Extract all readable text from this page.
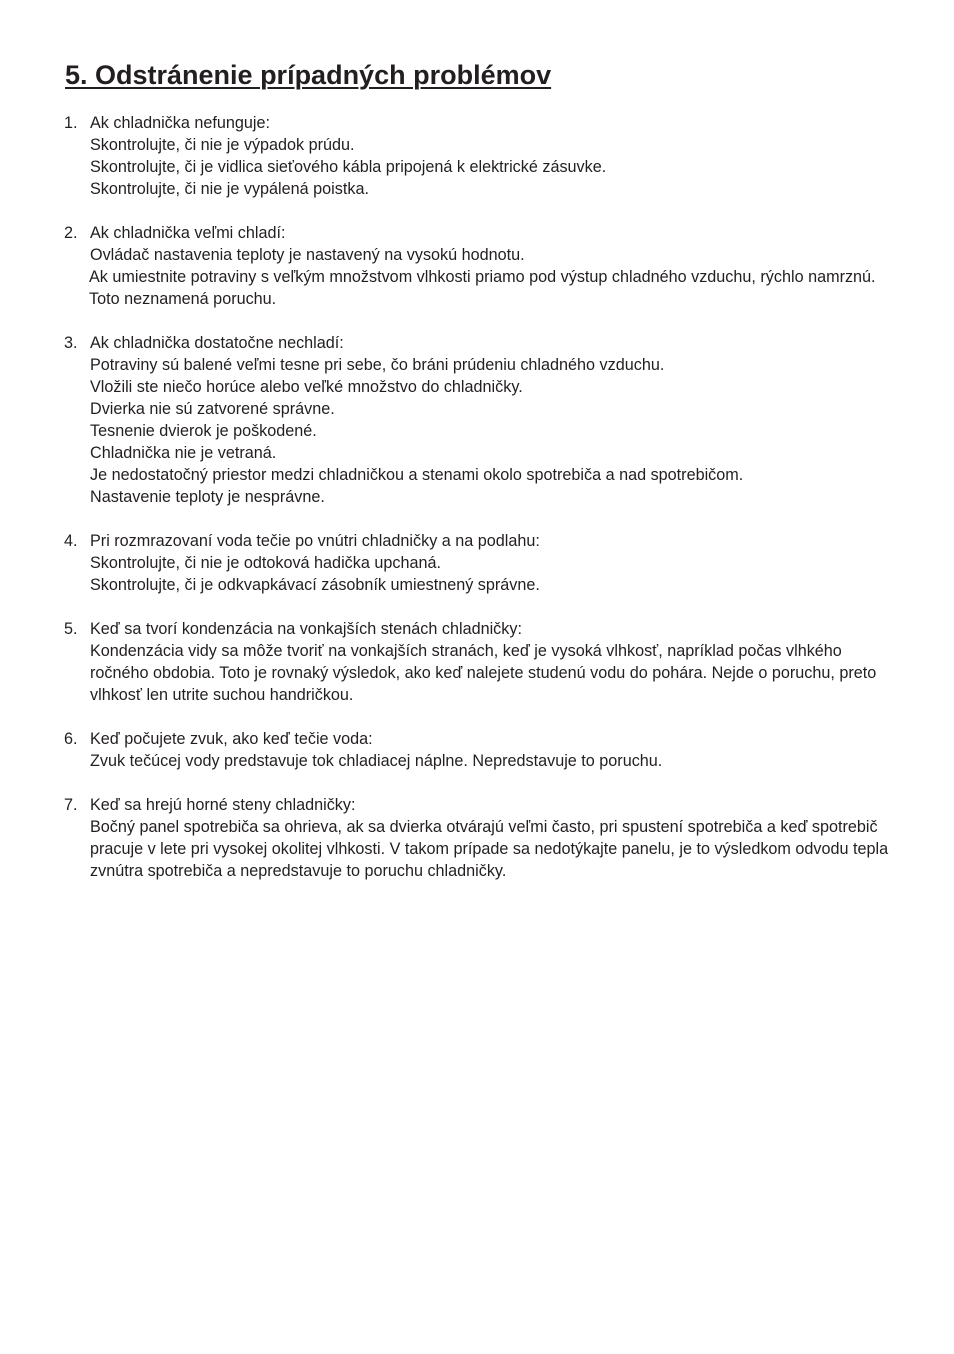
5. Odstránenie prípadných problémov
1. Ak chladnička nefunguje:
Skontrolujte, či nie je výpadok prúdu.
Skontrolujte, či je vidlica sieťového kábla pripojená k elektrické zásuvke.
Skontrolujte, či nie je vypálená poistka.
2. Ak chladnička veľmi chladí:
Ovládač nastavenia teploty je nastavený na vysokú hodnotu.
Ak umiestnite potraviny s veľkým množstvom vlhkosti priamo pod výstup chladného vzduchu, rýchlo namrznú. Toto neznamená poruchu.
3. Ak chladnička dostatočne nechladí:
Potraviny sú balené veľmi tesne pri sebe, čo bráni prúdeniu chladného vzduchu.
Vložili ste niečo horúce alebo veľké množstvo do chladničky.
Dvierka nie sú zatvorené správne.
Tesnenie dvierok je poškodené.
Chladnička nie je vetraná.
Je nedostatočný priestor medzi chladničkou a stenami okolo spotrebiča a nad spotrebičom.
Nastavenie teploty je nesprávne.
4. Pri rozmrazovaní voda tečie po vnútri chladničky a na podlahu:
Skontrolujte, či nie je odtoková hadička upchaná.
Skontrolujte, či je odkvapkávací zásobník umiestnený správne.
5. Keď sa tvorí kondenzácia na vonkajších stenách chladničky:
Kondenzácia vidy sa môže tvoriť na vonkajších stranách, keď je vysoká vlhkosť, napríklad počas vlhkého ročného obdobia. Toto je rovnaký výsledok, ako keď nalejete studenú vodu do pohára. Nejde o poruchu, preto vlhkosť len utrite suchou handričkou.
6. Keď počujete zvuk, ako keď tečie voda:
Zvuk tečúcej vody predstavuje tok chladiacej náplne. Nepredstavuje to poruchu.
7. Keď sa hrejú horné steny chladničky:
Bočný panel spotrebiča sa ohrieva, ak sa dvierka otvárajú veľmi často, pri spustení spotrebiča a keď spotrebič pracuje v lete pri vysokej okolitej vlhkosti. V takom prípade sa nedotýkajte panelu, je to výsledkom odvodu tepla zvnútra spotrebiča a nepredstavuje to poruchu chladničky.
